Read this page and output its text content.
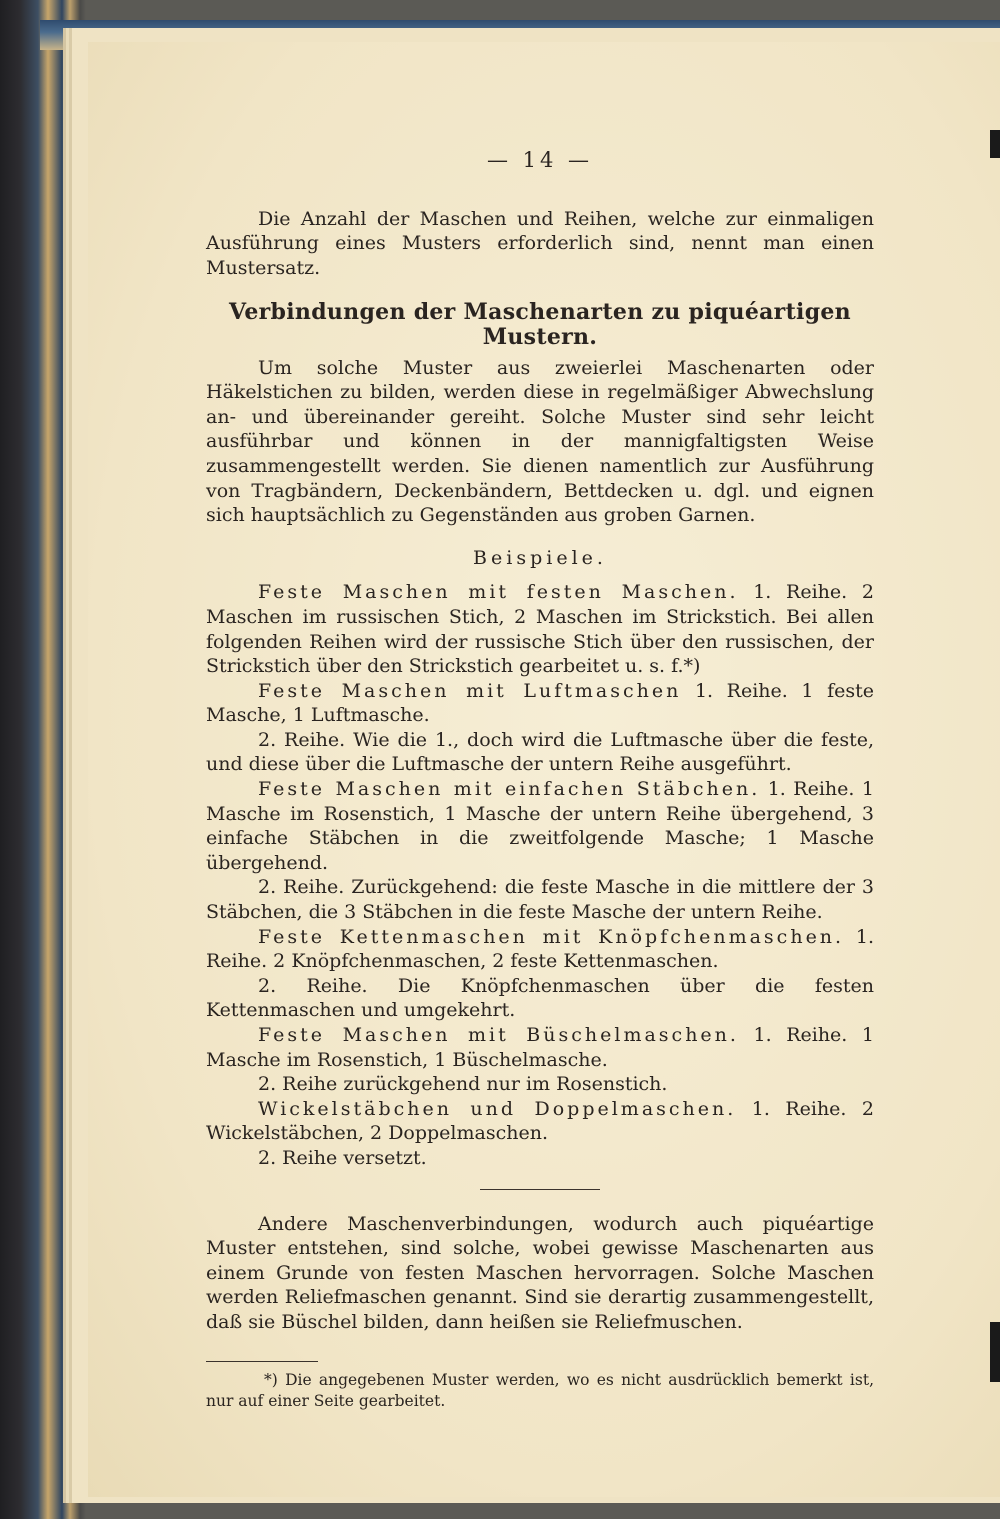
— 14 —

Die Anzahl der Maschen und Reihen, welche zur einmaligen Ausführung eines Musters erforderlich sind, nennt man einen Mustersatz.

Verbindungen der Maschenarten zu piquéartigen Mustern.

Um solche Muster aus zweierlei Maschenarten oder Häkelstichen zu bilden, werden diese in regelmäßiger Abwechslung an- und übereinander gereiht. Solche Muster sind sehr leicht ausführbar und können in der mannigfaltigsten Weise zusammengestellt werden. Sie dienen namentlich zur Ausführung von Tragbändern, Deckenbändern, Bettdecken u. dgl. und eignen sich hauptsächlich zu Gegenständen aus groben Garnen.

Beispiele.

Feste Maschen mit festen Maschen. 1. Reihe. 2 Maschen im russischen Stich, 2 Maschen im Strickstich. Bei allen folgenden Reihen wird der russische Stich über den russischen, der Strickstich über den Strickstich gearbeitet u. s. f.*)

Feste Maschen mit Luftmaschen 1. Reihe. 1 feste Masche, 1 Luftmasche.

2. Reihe. Wie die 1., doch wird die Luftmasche über die feste, und diese über die Luftmasche der untern Reihe ausgeführt.

Feste Maschen mit einfachen Stäbchen. 1. Reihe. 1 Masche im Rosenstich, 1 Masche der untern Reihe übergehend, 3 einfache Stäbchen in die zweitfolgende Masche; 1 Masche übergehend.

2. Reihe. Zurückgehend: die feste Masche in die mittlere der 3 Stäbchen, die 3 Stäbchen in die feste Masche der untern Reihe.

Feste Kettenmaschen mit Knöpfchenmaschen. 1. Reihe. 2 Knöpfchenmaschen, 2 feste Kettenmaschen.

2. Reihe. Die Knöpfchenmaschen über die festen Kettenmaschen und umgekehrt.

Feste Maschen mit Büschelmaschen. 1. Reihe. 1 Masche im Rosenstich, 1 Büschelmasche.

2. Reihe zurückgehend nur im Rosenstich.

Wickelstäbchen und Doppelmaschen. 1. Reihe. 2 Wickelstäbchen, 2 Doppelmaschen.

2. Reihe versetzt.

Andere Maschenverbindungen, wodurch auch piquéartige Muster entstehen, sind solche, wobei gewisse Maschenarten aus einem Grunde von festen Maschen hervorragen. Solche Maschen werden Reliefmaschen genannt. Sind sie derartig zusammengestellt, daß sie Büschel bilden, dann heißen sie Reliefmuschen.

*) Die angegebenen Muster werden, wo es nicht ausdrücklich bemerkt ist, nur auf einer Seite gearbeitet.
